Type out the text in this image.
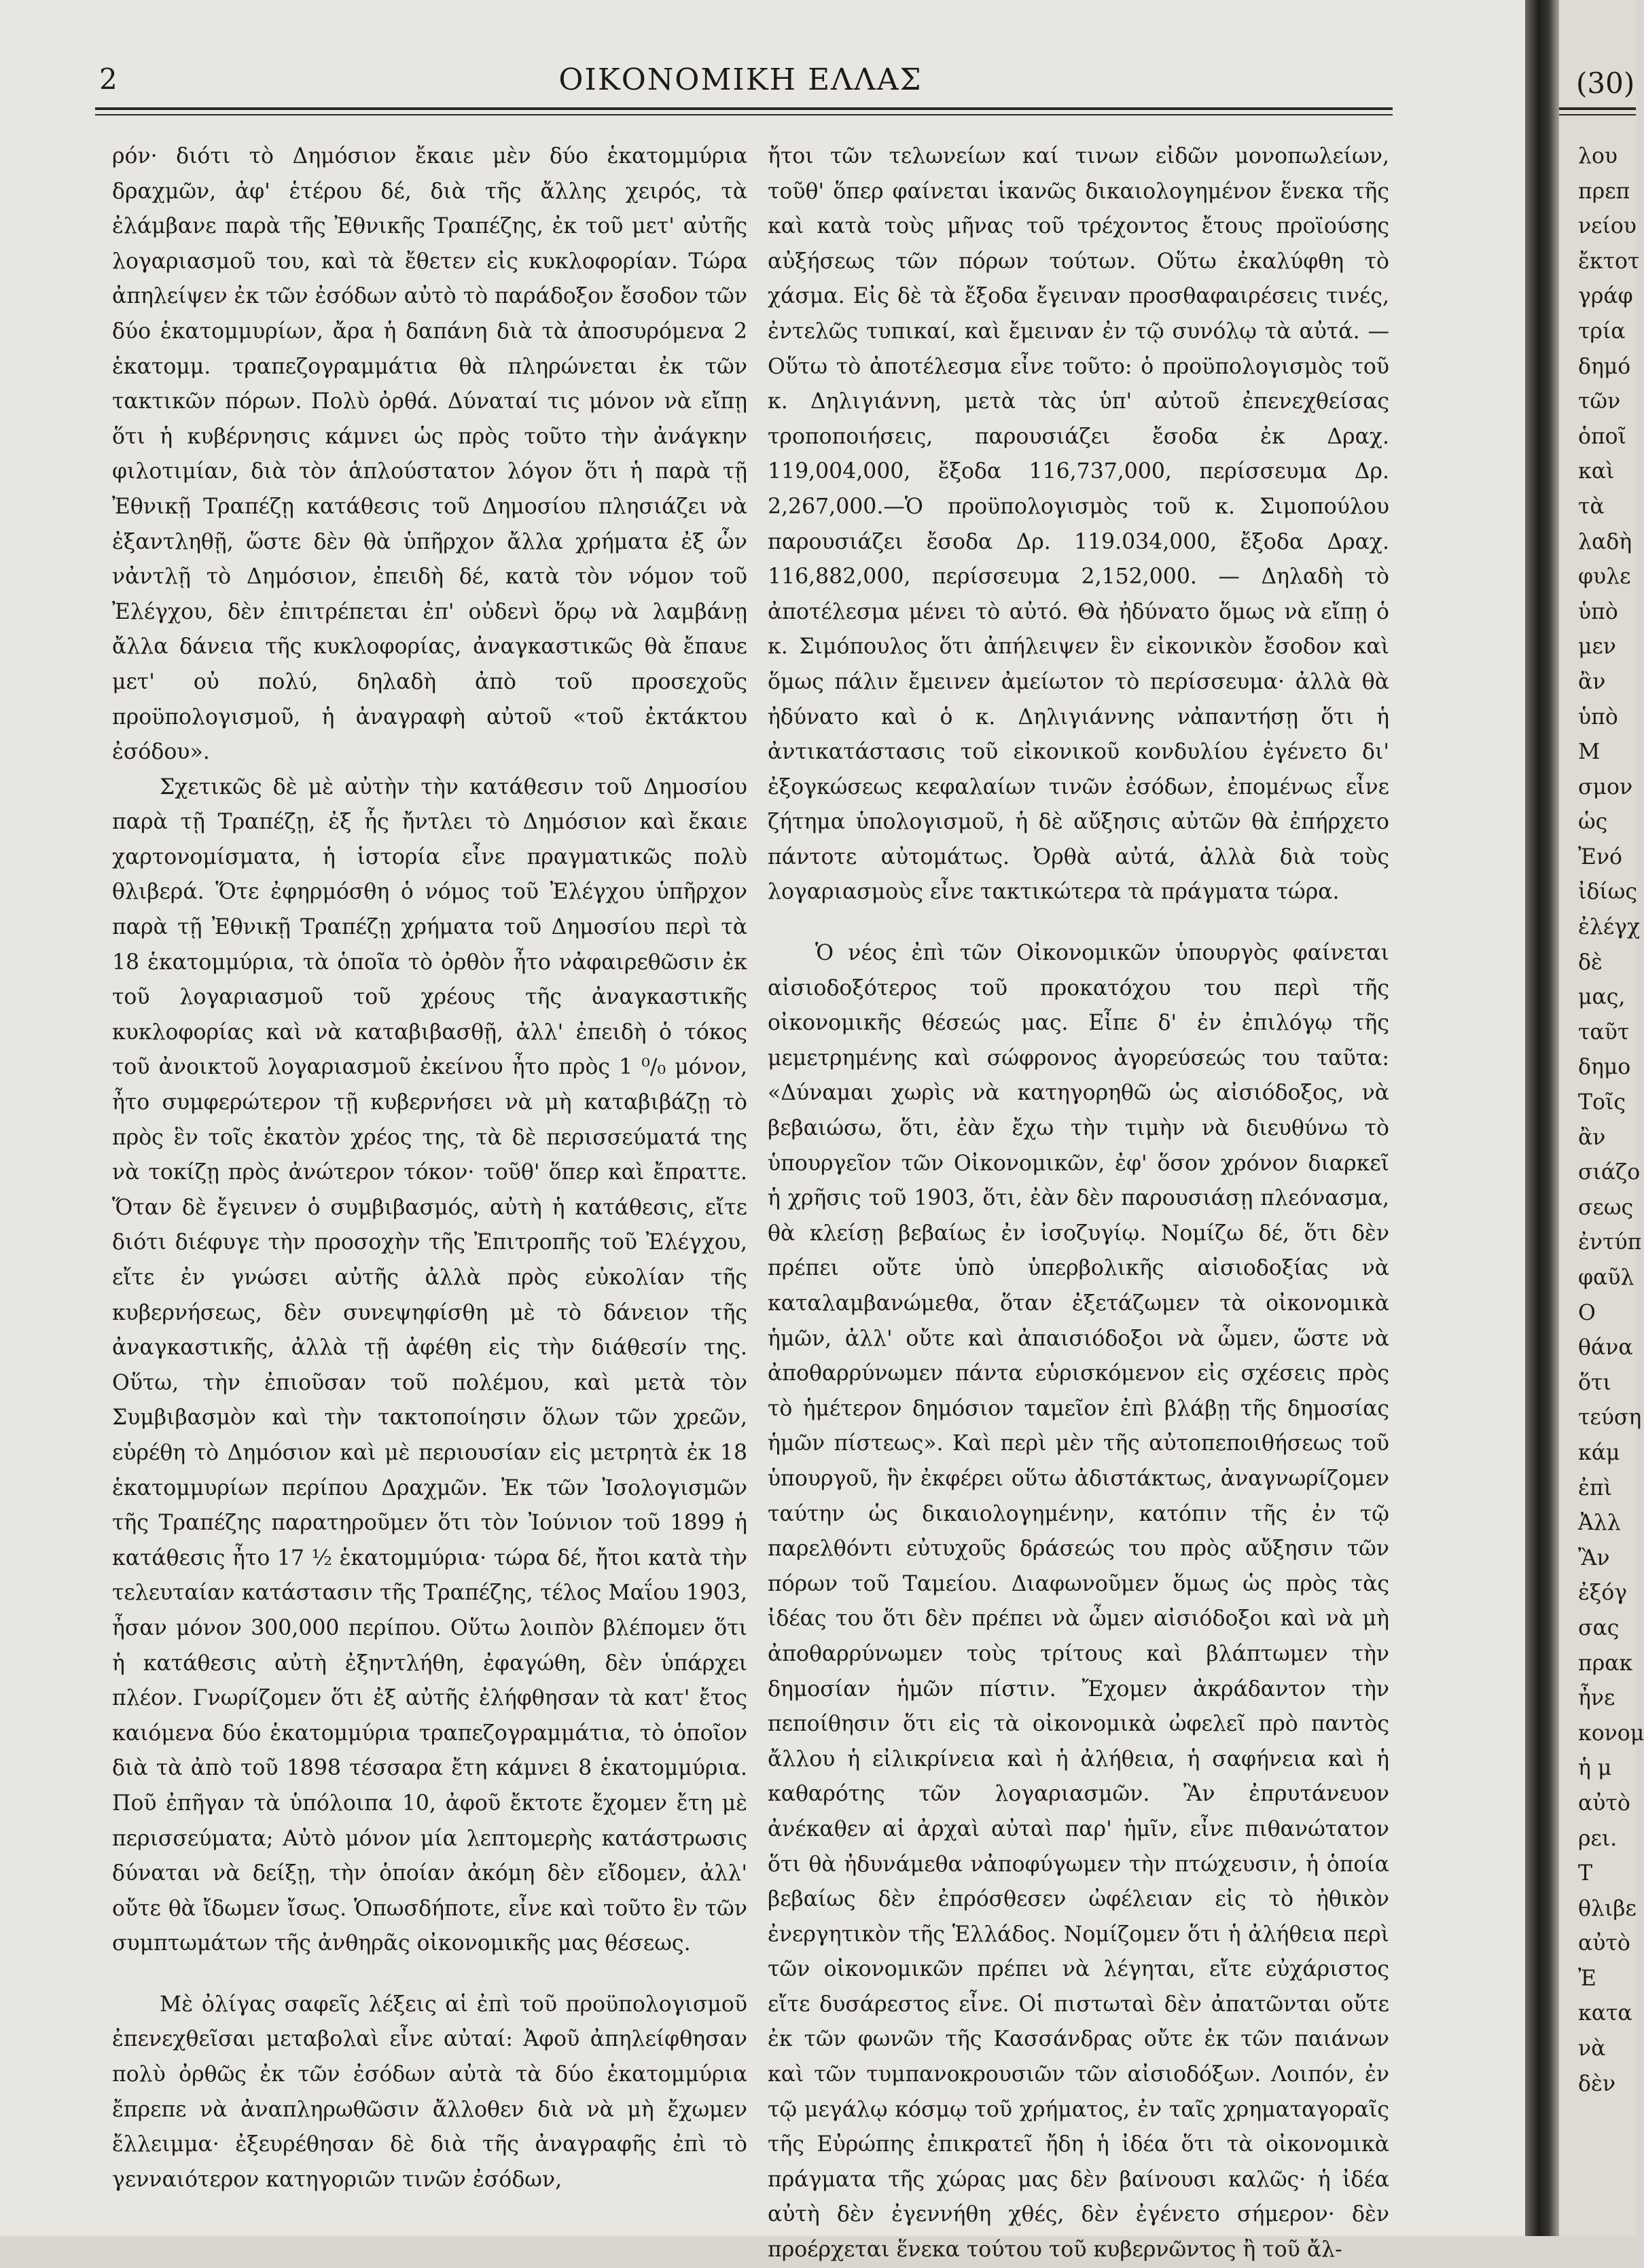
2	ΟΙΚΟΝΟΜΙΚΗ ΕΛΛΑΣ

ρόν· διότι τὸ Δημόσιον ἔκαιε μὲν δύο ἑκατομμύρια δραχμῶν, ἀφ' ἑτέρου δέ, διὰ τῆς ἄλλης χειρός, τὰ ἐλάμβανε παρὰ τῆς Ἐθνικῆς Τραπέζης, ἐκ τοῦ μετ' αὐτῆς λογαριασμοῦ του, καὶ τὰ ἔθετεν εἰς κυκλοφορίαν. Τώρα ἀπηλείψεν ἐκ τῶν ἐσόδων αὐτὸ τὸ παράδοξον ἔσοδον τῶν δύο ἑκατομμυρίων, ἄρα ἡ δαπάνη διὰ τὰ ἀποσυρόμενα 2 ἑκατομμ. τραπεζογραμμάτια θὰ πληρώνεται ἐκ τῶν τακτικῶν πόρων. Πολὺ ὀρθά. Δύναταί τις μόνον νὰ εἴπῃ ὅτι ἡ κυβέρνησις κάμνει ὡς πρὸς τοῦτο τὴν ἀνάγκην φιλοτιμίαν, διὰ τὸν ἁπλούστατον λόγον ὅτι ἡ παρὰ τῇ Ἐθνικῇ Τραπέζῃ κατάθεσις τοῦ Δημοσίου πλησιάζει νὰ ἐξαντληθῇ, ὥστε δὲν θὰ ὑπῆρχον ἄλλα χρήματα ἐξ ὧν νἀντλῇ τὸ Δημόσιον, ἐπειδὴ δέ, κατὰ τὸν νόμον τοῦ Ἐλέγχου, δὲν ἐπιτρέπεται ἐπ' οὐδενὶ ὅρῳ νὰ λαμβάνῃ ἄλλα δάνεια τῆς κυκλοφορίας, ἀναγκαστικῶς θὰ ἔπαυε μετ' οὐ πολύ, δηλαδὴ ἀπὸ τοῦ προσεχοῦς προϋπολογισμοῦ, ἡ ἀναγραφὴ αὐτοῦ «τοῦ ἐκτάκτου ἐσόδου».

Σχετικῶς δὲ μὲ αὐτὴν τὴν κατάθεσιν τοῦ Δημοσίου παρὰ τῇ Τραπέζῃ, ἐξ ἧς ἤντλει τὸ Δημόσιον καὶ ἔκαιε χαρτονομίσματα, ἡ ἱστορία εἶνε πραγματικῶς πολὺ θλιβερά. Ὅτε ἐφηρμόσθη ὁ νόμος τοῦ Ἐλέγχου ὑπῆρχον παρὰ τῇ Ἐθνικῇ Τραπέζῃ χρήματα τοῦ Δημοσίου περὶ τὰ 18 ἑκατομμύρια, τὰ ὁποῖα τὸ ὀρθὸν ἦτο νἀφαιρεθῶσιν ἐκ τοῦ λογαριασμοῦ τοῦ χρέους τῆς ἀναγκαστικῆς κυκλοφορίας καὶ νὰ καταβιβασθῇ, ἀλλ' ἐπειδὴ ὁ τόκος τοῦ ἀνοικτοῦ λογαριασμοῦ ἐκείνου ἦτο πρὸς 1 ⁰/₀ μόνον, ἦτο συμφερώτερον τῇ κυβερνήσει νὰ μὴ καταβιβάζῃ τὸ πρὸς ἓν τοῖς ἑκατὸν χρέος της, τὰ δὲ περισσεύματά της νὰ τοκίζῃ πρὸς ἀνώτερον τόκον· τοῦθ' ὅπερ καὶ ἔπραττε. Ὅταν δὲ ἔγεινεν ὁ συμβιβασμός, αὐτὴ ἡ κατάθεσις, εἴτε διότι διέφυγε τὴν προσοχὴν τῆς Ἐπιτροπῆς τοῦ Ἐλέγχου, εἴτε ἐν γνώσει αὐτῆς ἀλλὰ πρὸς εὐκολίαν τῆς κυβερνήσεως, δὲν συνεψηφίσθη μὲ τὸ δάνειον τῆς ἀναγκαστικῆς, ἀλλὰ τῇ ἀφέθη εἰς τὴν διάθεσίν της. Οὕτω, τὴν ἐπιοῦσαν τοῦ πολέμου, καὶ μετὰ τὸν Συμβιβασμὸν καὶ τὴν τακτοποίησιν ὅλων τῶν χρεῶν, εὑρέθη τὸ Δημόσιον καὶ μὲ περιουσίαν εἰς μετρητὰ ἐκ 18 ἑκατομμυρίων περίπου Δραχμῶν. Ἐκ τῶν Ἰσολογισμῶν τῆς Τραπέζης παρατηροῦμεν ὅτι τὸν Ἰούνιον τοῦ 1899 ἡ κατάθεσις ἦτο 17 ½ ἑκατομμύρια· τώρα δέ, ἤτοι κατὰ τὴν τελευταίαν κατάστασιν τῆς Τραπέζης, τέλος Μαΐου 1903, ἦσαν μόνον 300,000 περίπου. Οὕτω λοιπὸν βλέπομεν ὅτι ἡ κατάθεσις αὐτὴ ἐξηντλήθη, ἐφαγώθη, δὲν ὑπάρχει πλέον. Γνωρίζομεν ὅτι ἐξ αὐτῆς ἐλήφθησαν τὰ κατ' ἔτος καιόμενα δύο ἑκατομμύρια τραπεζογραμμάτια, τὸ ὁποῖον διὰ τὰ ἀπὸ τοῦ 1898 τέσσαρα ἔτη κάμνει 8 ἑκατομμύρια. Ποῦ ἐπῆγαν τὰ ὑπόλοιπα 10, ἀφοῦ ἔκτοτε ἔχομεν ἔτη μὲ περισσεύματα; Αὐτὸ μόνον μία λεπτομερὴς κατάστρωσις δύναται νὰ δείξῃ, τὴν ὁποίαν ἀκόμη δὲν εἴδομεν, ἀλλ' οὔτε θὰ ἴδωμεν ἴσως. Ὁπωσδήποτε, εἶνε καὶ τοῦτο ἓν τῶν συμπτωμάτων τῆς ἀνθηρᾶς οἰκονομικῆς μας θέσεως.

Μὲ ὀλίγας σαφεῖς λέξεις αἱ ἐπὶ τοῦ προϋπολογισμοῦ ἐπενεχθεῖσαι μεταβολαὶ εἶνε αὐταί: Ἀφοῦ ἀπηλείφθησαν πολὺ ὀρθῶς ἐκ τῶν ἐσόδων αὐτὰ τὰ δύο ἑκατομμύρια ἔπρεπε νὰ ἀναπληρωθῶσιν ἄλλοθεν διὰ νὰ μὴ ἔχωμεν ἔλλειμμα· ἐξευρέθησαν δὲ διὰ τῆς ἀναγραφῆς ἐπὶ τὸ γενναιότερον κατηγοριῶν τινῶν ἐσόδων,

ἤτοι τῶν τελωνείων καί τινων εἰδῶν μονοπωλείων, τοῦθ' ὅπερ φαίνεται ἱκανῶς δικαιολογημένον ἕνεκα τῆς καὶ κατὰ τοὺς μῆνας τοῦ τρέχοντος ἔτους προϊούσης αὐξήσεως τῶν πόρων τούτων. Οὕτω ἐκαλύφθη τὸ χάσμα. Εἰς δὲ τὰ ἔξοδα ἔγειναν προσθαφαιρέσεις τινές, ἐντελῶς τυπικαί, καὶ ἔμειναν ἐν τῷ συνόλῳ τὰ αὐτά. — Οὕτω τὸ ἀποτέλεσμα εἶνε τοῦτο: ὁ προϋπολογισμὸς τοῦ κ. Δηλιγιάννη, μετὰ τὰς ὑπ' αὐτοῦ ἐπενεχθείσας τροποποιήσεις, παρουσιάζει ἔσοδα ἐκ Δραχ. 119,004,000, ἔξοδα 116,737,000, περίσσευμα Δρ. 2,267,000.—Ὁ προϋπολογισμὸς τοῦ κ. Σιμοπούλου παρουσιάζει ἔσοδα Δρ. 119.034,000, ἔξοδα Δραχ. 116,882,000, περίσσευμα 2,152,000. — Δηλαδὴ τὸ ἀποτέλεσμα μένει τὸ αὐτό. Θὰ ἠδύνατο ὅμως νὰ εἴπῃ ὁ κ. Σιμόπουλος ὅτι ἀπήλειψεν ἓν εἰκονικὸν ἔσοδον καὶ ὅμως πάλιν ἔμεινεν ἀμείωτον τὸ περίσσευμα· ἀλλὰ θὰ ἠδύνατο καὶ ὁ κ. Δηλιγιάννης νἀπαντήσῃ ὅτι ἡ ἀντικατάστασις τοῦ εἰκονικοῦ κονδυλίου ἐγένετο δι' ἐξογκώσεως κεφαλαίων τινῶν ἐσόδων, ἐπομένως εἶνε ζήτημα ὑπολογισμοῦ, ἡ δὲ αὔξησις αὐτῶν θὰ ἐπήρχετο πάντοτε αὐτομάτως. Ὀρθὰ αὐτά, ἀλλὰ διὰ τοὺς λογαριασμοὺς εἶνε τακτικώτερα τὰ πράγματα τώρα.

Ὁ νέος ἐπὶ τῶν Οἰκονομικῶν ὑπουργὸς φαίνεται αἰσιοδοξότερος τοῦ προκατόχου του περὶ τῆς οἰκονομικῆς θέσεώς μας. Εἶπε δ' ἐν ἐπιλόγῳ τῆς μεμετρημένης καὶ σώφρονος ἀγορεύσεώς του ταῦτα: «Δύναμαι χωρὶς νὰ κατηγορηθῶ ὡς αἰσιόδοξος, νὰ βεβαιώσω, ὅτι, ἐὰν ἔχω τὴν τιμὴν νὰ διευθύνω τὸ ὑπουργεῖον τῶν Οἰκονομικῶν, ἐφ' ὅσον χρόνον διαρκεῖ ἡ χρῆσις τοῦ 1903, ὅτι, ἐὰν δὲν παρουσιάσῃ πλεόνασμα, θὰ κλείσῃ βεβαίως ἐν ἰσοζυγίῳ. Νομίζω δέ, ὅτι δὲν πρέπει οὔτε ὑπὸ ὑπερβολικῆς αἰσιοδοξίας νὰ καταλαμβανώμεθα, ὅταν ἐξετάζωμεν τὰ οἰκονομικὰ ἡμῶν, ἀλλ' οὔτε καὶ ἀπαισιόδοξοι νὰ ὦμεν, ὥστε νὰ ἀποθαρρύνωμεν πάντα εὑρισκόμενον εἰς σχέσεις πρὸς τὸ ἡμέτερον δημόσιον ταμεῖον ἐπὶ βλάβῃ τῆς δημοσίας ἡμῶν πίστεως». Καὶ περὶ μὲν τῆς αὐτοπεποιθήσεως τοῦ ὑπουργοῦ, ἣν ἐκφέρει οὕτω ἀδιστάκτως, ἀναγνωρίζομεν ταύτην ὡς δικαιολογημένην, κατόπιν τῆς ἐν τῷ παρελθόντι εὐτυχοῦς δράσεώς του πρὸς αὔξησιν τῶν πόρων τοῦ Ταμείου. Διαφωνοῦμεν ὅμως ὡς πρὸς τὰς ἰδέας του ὅτι δὲν πρέπει νὰ ὦμεν αἰσιόδοξοι καὶ νὰ μὴ ἀποθαρρύνωμεν τοὺς τρίτους καὶ βλάπτωμεν τὴν δημοσίαν ἡμῶν πίστιν. Ἔχομεν ἀκράδαντον τὴν πεποίθησιν ὅτι εἰς τὰ οἰκονομικὰ ὠφελεῖ πρὸ παντὸς ἄλλου ἡ εἰλικρίνεια καὶ ἡ ἀλήθεια, ἡ σαφήνεια καὶ ἡ καθαρότης τῶν λογαριασμῶν. Ἂν ἐπρυτάνευον ἀνέκαθεν αἱ ἀρχαὶ αὐταὶ παρ' ἡμῖν, εἶνε πιθανώτατον ὅτι θὰ ἠδυνάμεθα νἀποφύγωμεν τὴν πτώχευσιν, ἡ ὁποία βεβαίως δὲν ἐπρόσθεσεν ὠφέλειαν εἰς τὸ ἠθικὸν ἐνεργητικὸν τῆς Ἑλλάδος. Νομίζομεν ὅτι ἡ ἀλήθεια περὶ τῶν οἰκονομικῶν πρέπει νὰ λέγηται, εἴτε εὐχάριστος εἴτε δυσάρεστος εἶνε. Οἱ πιστωταὶ δὲν ἀπατῶνται οὔτε ἐκ τῶν φωνῶν τῆς Κασσάνδρας οὔτε ἐκ τῶν παιάνων καὶ τῶν τυμπανοκρουσιῶν τῶν αἰσιοδόξων. Λοιπόν, ἐν τῷ μεγάλῳ κόσμῳ τοῦ χρήματος, ἐν ταῖς χρηματαγοραῖς τῆς Εὐρώπης ἐπικρατεῖ ἤδη ἡ ἰδέα ὅτι τὰ οἰκονομικὰ πράγματα τῆς χώρας μας δὲν βαίνουσι καλῶς· ἡ ἰδέα αὐτὴ δὲν ἐγεννήθη χθές, δὲν ἐγένετο σήμερον· δὲν προέρχεται ἕνεκα τούτου τοῦ κυβερνῶντος ἢ τοῦ ἄλ-

(30)
λου
πρεπ
νείου
ἔκτοτ
γράφ
τρία
δημό
τῶν
ὁποῖ
καὶ
τὰ
λαδὴ
φυλε
ὑπὸ
μεν
ἂν
ὑπὸ
Μ
σμον
ὡς
Ἐνό
ἰδίως
ἐλέγχ
δὲ
μας,
ταῦτ
δημο
Τοῖς
ἂν
σιάζο
σεως
ἐντύπ
φαῦλ
Ο
θάνα
ὅτι
τεύση
κάμ
ἐπὶ
Ἀλλ
Ἂν
ἐξόγ
σας
πρακ
ἦνε
κονομ
ἡ μ
αὐτὸ
ρει.
Τ
θλιβε
αὐτὸ
Ἐ
κατα
νὰ
δὲν
